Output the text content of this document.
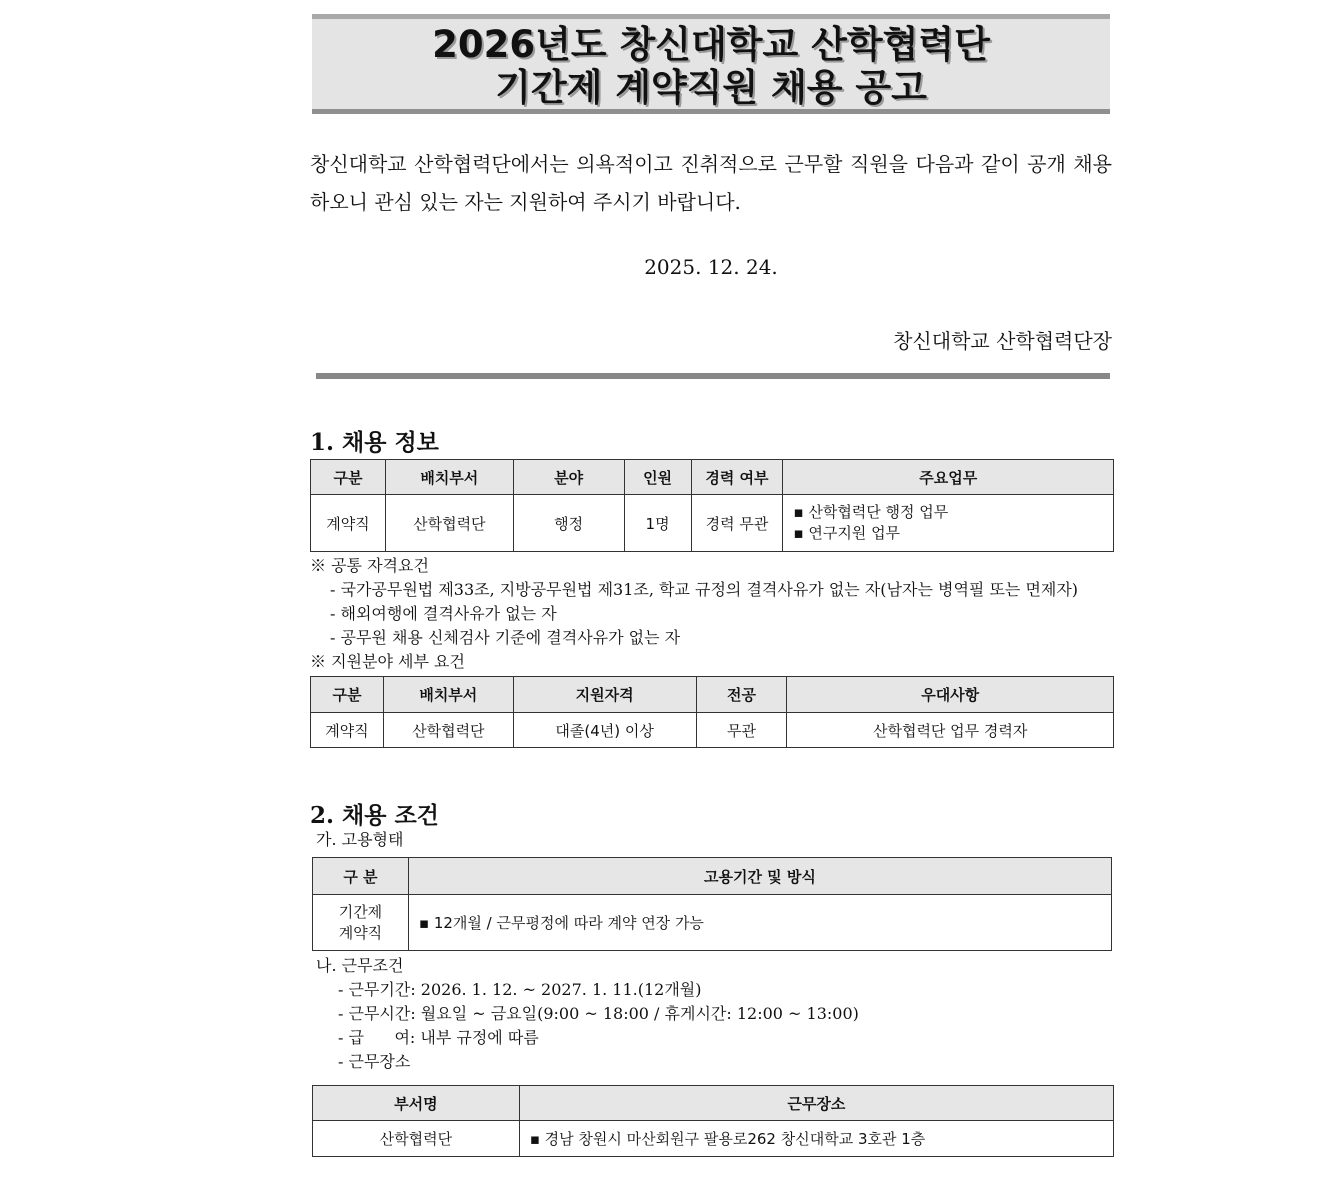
2026년도 창신대학교 산학협력단
기간제 계약직원 채용 공고

창신대학교 산학협력단에서는 의욕적이고 진취적으로 근무할 직원을 다음과 같이 공개 채용하오니 관심 있는 자는 지원하여 주시기 바랍니다.

2025. 12. 24.
창신대학교 산학협력단장
1. 채용 정보
구분	배치부서	분야	인원	경력 여부	주요업무
계약직	산학협력단	행정	1명	경력 무관	▪ 산학협력단 행정 업무
▪ 연구지원 업무
※ 공통 자격요건
- 국가공무원법 제33조, 지방공무원법 제31조, 학교 규정의 결격사유가 없는 자(남자는 병역필 또는 면제자)
- 해외여행에 결격사유가 없는 자
- 공무원 채용 신체검사 기준에 결격사유가 없는 자
※ 지원분야 세부 요건
구분	배치부서	지원자격	전공	우대사항
계약직	산학협력단	대졸(4년) 이상	무관	산학협력단 업무 경력자
2. 채용 조건
가. 고용형태
구 분	고용기간 및 방식

기간제
계약직	▪ 12개월 / 근무평정에 따라 계약 연장 가능
나. 근무조건
- 근무기간: 2026. 1. 12. ~ 2027. 1. 11.(12개월)
- 근무시간: 월요일 ~ 금요일(9:00 ~ 18:00 / 휴게시간: 12:00 ~ 13:00)
- 급      여: 내부 규정에 따름
- 근무장소
부서명	근무장소
산학협력단	▪ 경남 창원시 마산회원구 팔용로262 창신대학교 3호관 1층
